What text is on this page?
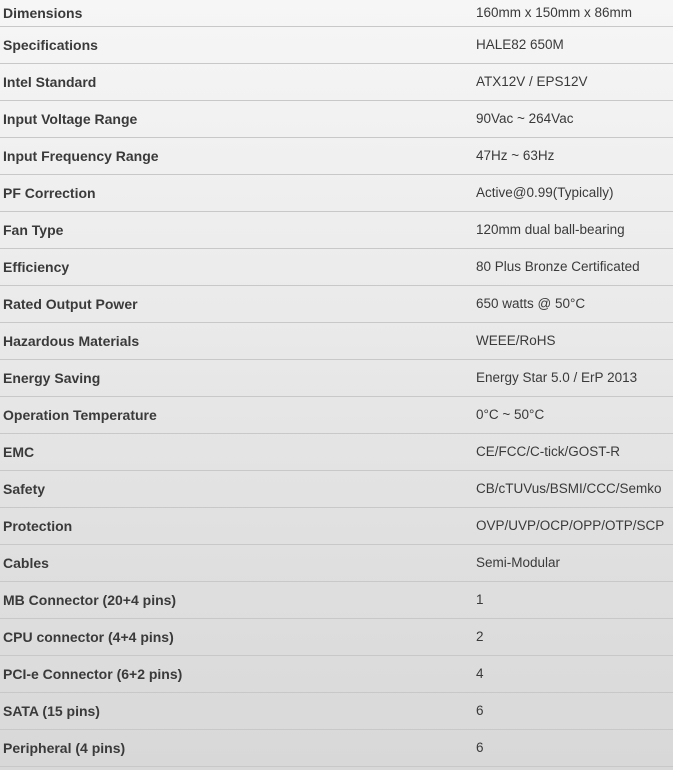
Dimensions	160mm x 150mm x 86mm
Specifications	HALE82 650M
Intel Standard	ATX12V / EPS12V
Input Voltage Range	90Vac ~ 264Vac
Input Frequency Range	47Hz ~ 63Hz
PF Correction	Active@0.99(Typically)
Fan Type	120mm dual ball-bearing
Efficiency	80 Plus Bronze Certificated
Rated Output Power	650 watts @ 50°C
Hazardous Materials	WEEE/RoHS
Energy Saving	Energy Star 5.0 / ErP 2013
Operation Temperature	0°C ~ 50°C
EMC	CE/FCC/C-tick/GOST-R
Safety	CB/cTUVus/BSMI/CCC/Semko
Protection	OVP/UVP/OCP/OPP/OTP/SCP
Cables	Semi-Modular
MB Connector (20+4 pins)	1
CPU connector (4+4 pins)	2
PCI-e Connector (6+2 pins)	4
SATA (15 pins)	6
Peripheral (4 pins)	6
